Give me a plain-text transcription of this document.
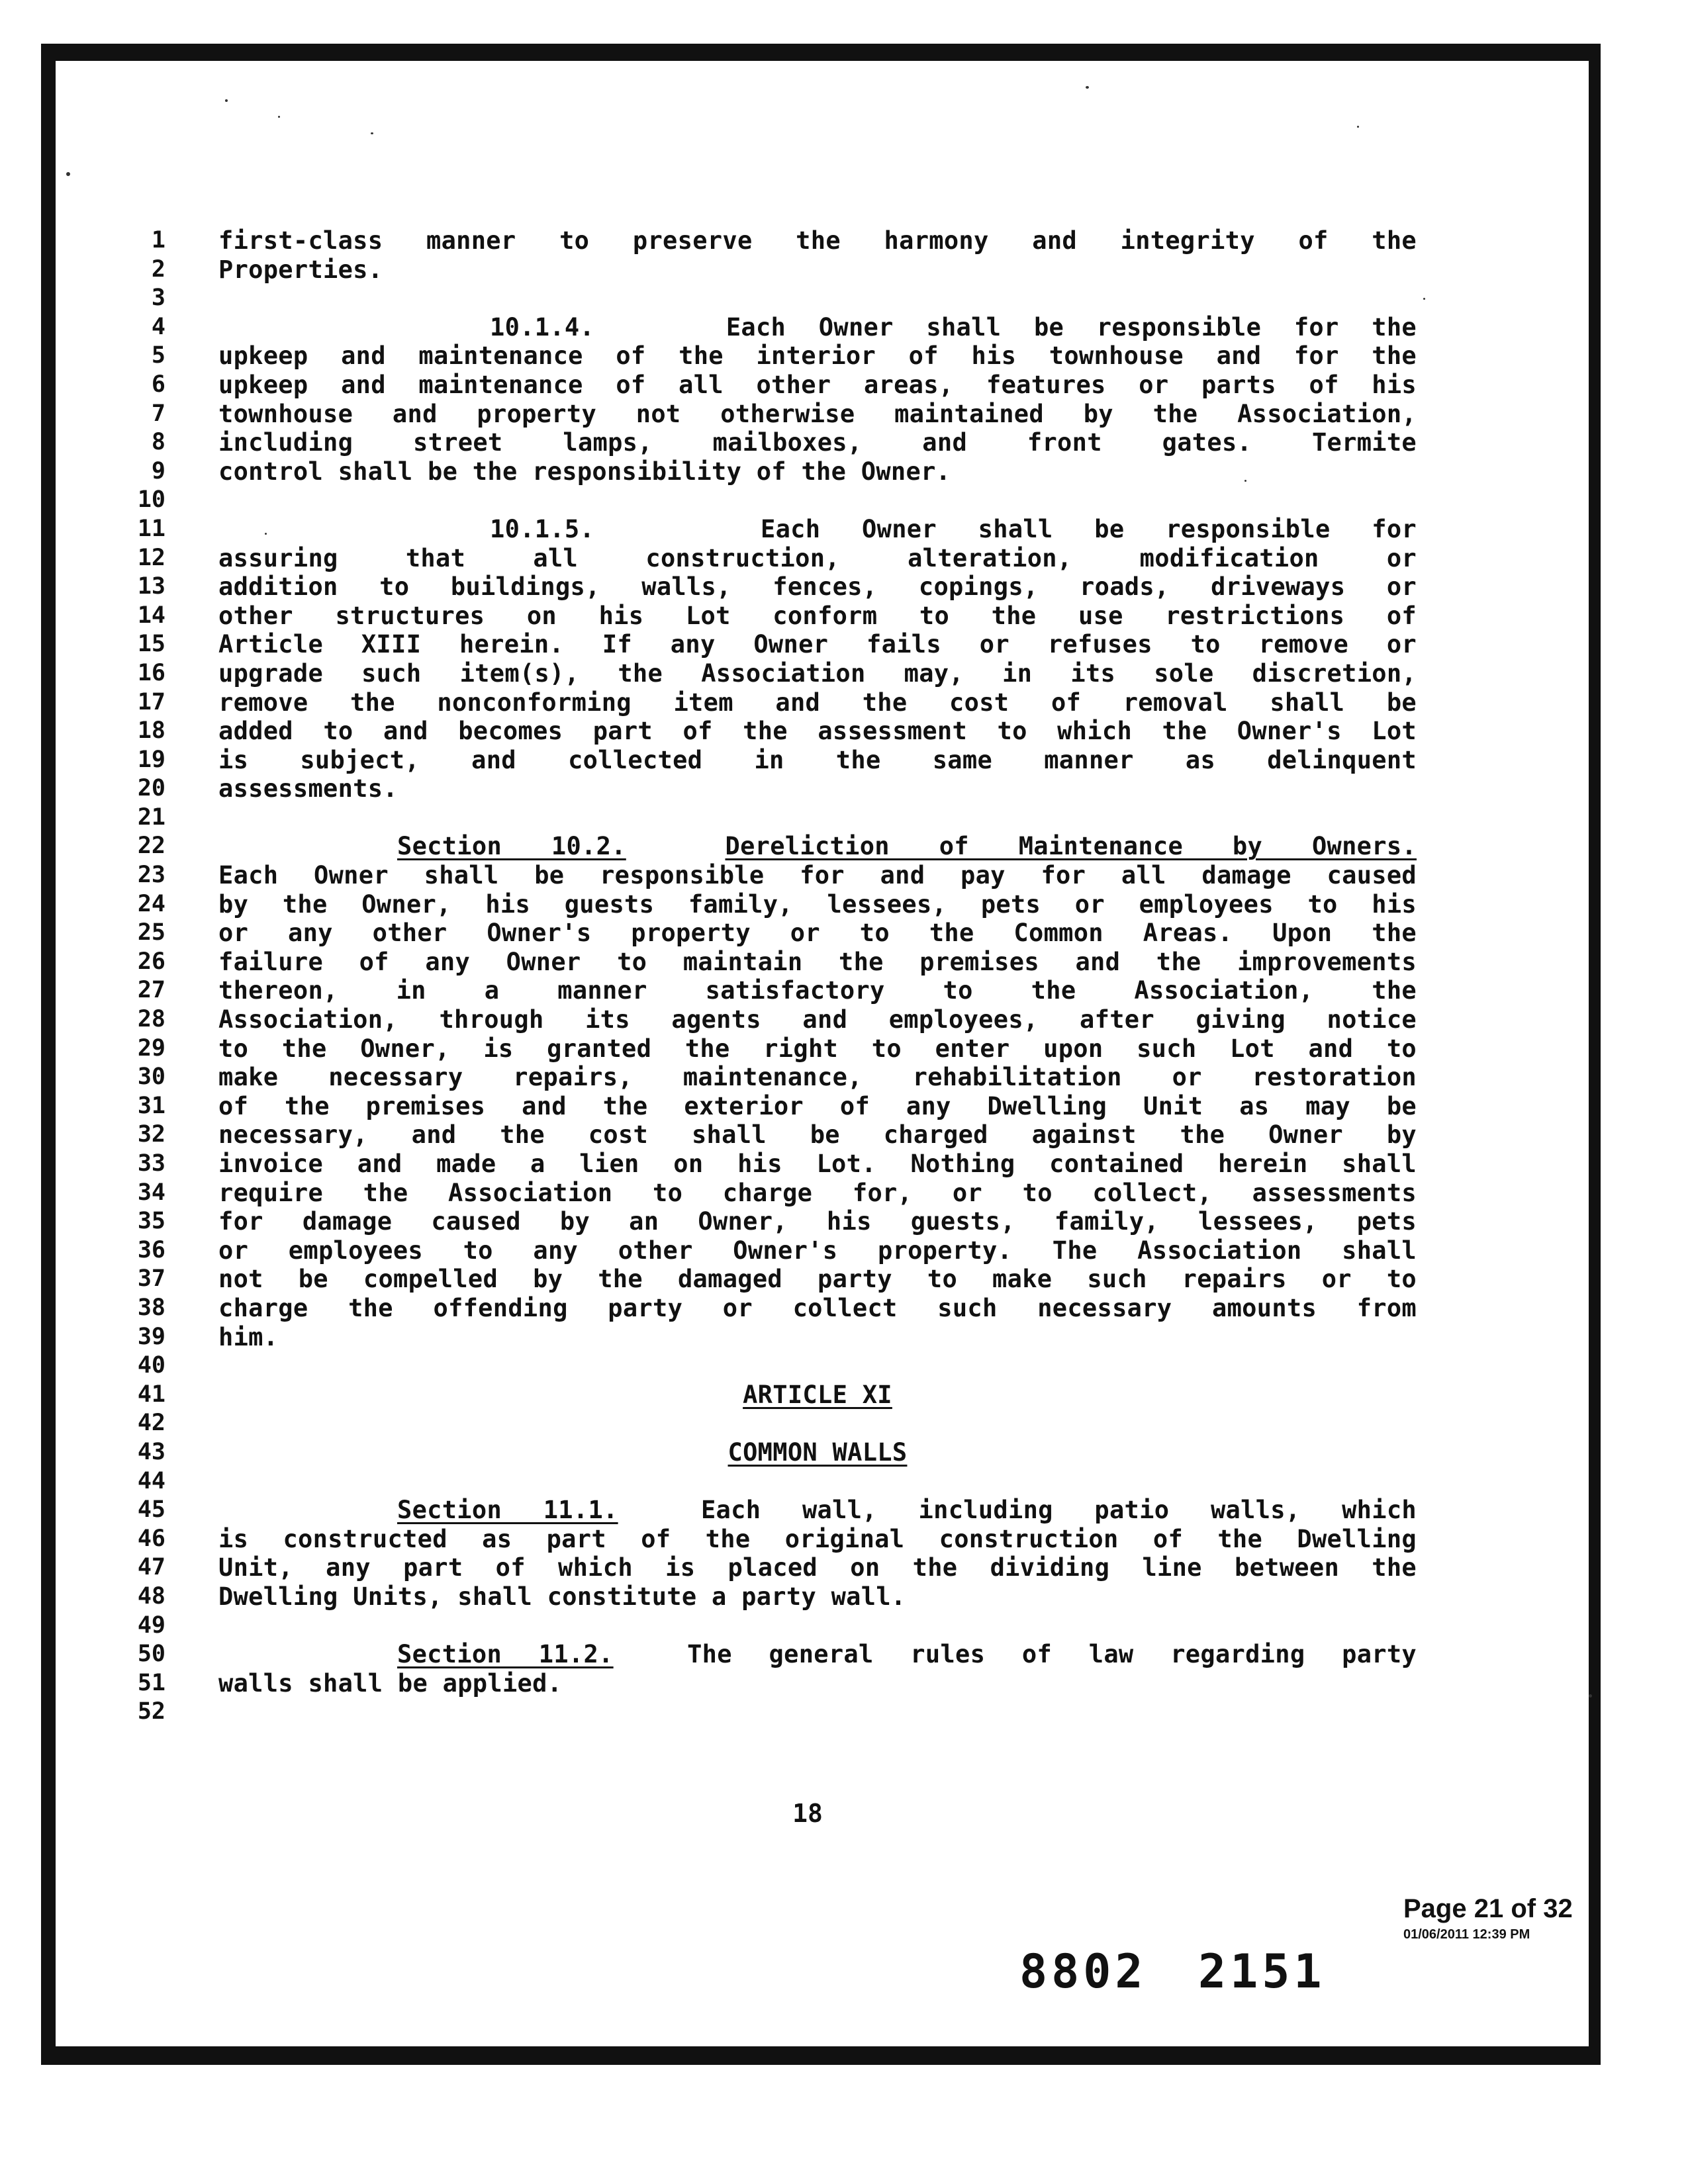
1
2
3
4
5
6
7
8
9
10
11
12
13
14
15
16
17
18
19
20
21
22
23
24
25
26
27
28
29
30
31
32
33
34
35
36
37
38
39
40
41
42
43
44
45
46
47
48
49
50
51
52
first-class manner to preserve the harmony and integrity of the
Properties.
10.1.4.	Each Owner shall be responsible for the
upkeep and maintenance of the interior of his townhouse and for the
upkeep and maintenance of all other areas, features or parts of his
townhouse and property not otherwise maintained by the Association,
including street lamps, mailboxes, and front gates. Termite
control shall be the responsibility of the Owner.
10.1.5.	Each Owner shall be responsible for
assuring that all construction, alteration, modification or
addition to buildings, walls, fences, copings, roads, driveways or
other structures on his Lot conform to the use restrictions of
Article XIII herein. If any Owner fails or refuses to remove or
upgrade such item(s), the Association may, in its sole discretion,
remove the nonconforming item and the cost of removal shall be
added to and becomes part of the assessment to which the Owner's Lot
is subject, and collected in the same manner as delinquent
assessments.
Section 10.2.	Dereliction of Maintenance by Owners.
Each Owner shall be responsible for and pay for all damage caused
by the Owner, his guests family, lessees, pets or employees to his
or any other Owner's property or to the Common Areas. Upon the
failure of any Owner to maintain the premises and the improvements
thereon, in a manner satisfactory to the Association, the
Association, through its agents and employees, after giving notice
to the Owner, is granted the right to enter upon such Lot and to
make necessary repairs, maintenance, rehabilitation or restoration
of the premises and the exterior of any Dwelling Unit as may be
necessary, and the cost shall be charged against the Owner by
invoice and made a lien on his Lot. Nothing contained herein shall
require the Association to charge for, or to collect, assessments
for damage caused by an Owner, his guests, family, lessees, pets
or employees to any other Owner's property. The Association shall
not be compelled by the damaged party to make such repairs or to
charge the offending party or collect such necessary amounts from
him.
ARTICLE XI
COMMON WALLS
Section 11.1.	Each wall, including patio walls, which
is constructed as part of the original construction of the Dwelling
Unit, any part of which is placed on the dividing line between the
Dwelling Units, shall constitute a party wall.
Section 11.2.	The general rules of law regarding party
walls shall be applied.
18
Page 21 of 32
01/06/2011 12:39 PM
8802 2151
